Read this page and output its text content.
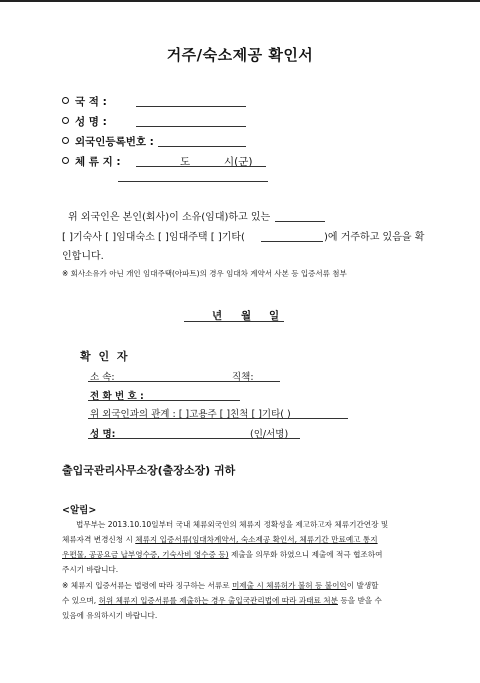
거주/숙소제공 확인서
국 적 :
성 명 :
외국인등록번호 :
체 류 지 :	도	시(군)
위 외국인은 본인(회사)이 소유(임대)하고 있는
[ ]기숙사 [ ]임대숙소 [ ]임대주택 [ ]기타(	)에 거주하고 있음을 확
인합니다.
※ 회사소유가 아닌 개인 임대주택(아파트)의 경우 임대차 계약서 사본 등 입증서류 첨부
년 월 일
확 인 자
소 속:	직책:
전 화 번 호 :
위 외국인과의 관계 : [ ]고용주 [ ]친척 [ ]기타( )
성 명:	(인/서명)
출입국관리사무소장(출장소장) 귀하
<알림>
법무부는 2013.10.10일부터 국내 체류외국인의 체류지 정확성을 제고하고자 체류기간연장 및
체류자격 변경신청 시 체류지 입증서류(임대차계약서, 숙소제공 확인서, 체류기간 만료예고 통지
우편물, 공공요금 납부영수증, 기숙사비 영수증 등) 제출을 의무화 하였으니 제출에 적극 협조하여
주시기 바랍니다.
※ 체류지 입증서류는 법령에 따라 징구하는 서류로 미제출 시 체류허가 불허 등 불이익이 발생할
수 있으며, 허위 체류지 입증서류를 제출하는 경우 출입국관리법에 따라 과태료 처분 등을 받을 수
있음에 유의하시기 바랍니다.
